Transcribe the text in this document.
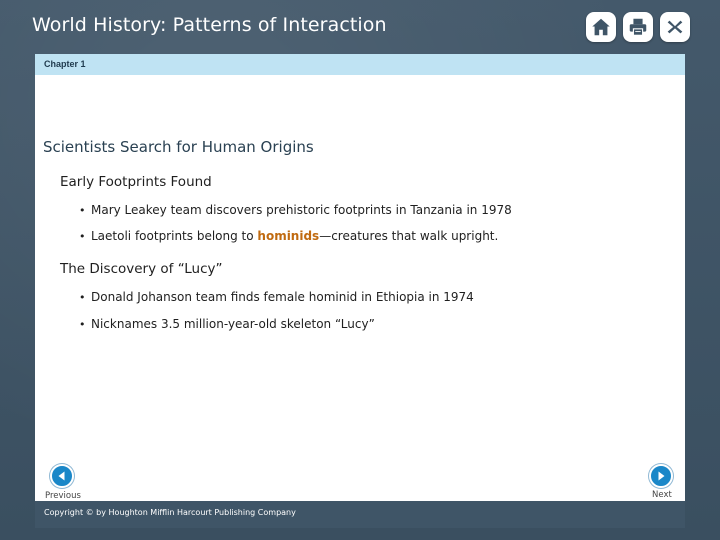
World History: Patterns of Interaction
Chapter 1
Scientists Search for Human Origins
Early Footprints Found
• Mary Leakey team discovers prehistoric footprints in Tanzania in 1978
• Laetoli footprints belong to hominids—creatures that walk upright.
The Discovery of “Lucy”
• Donald Johanson team finds female hominid in Ethiopia in 1974
• Nicknames 3.5 million-year-old skeleton “Lucy”
Previous	Next
Copyright © by Houghton Mifflin Harcourt Publishing Company
